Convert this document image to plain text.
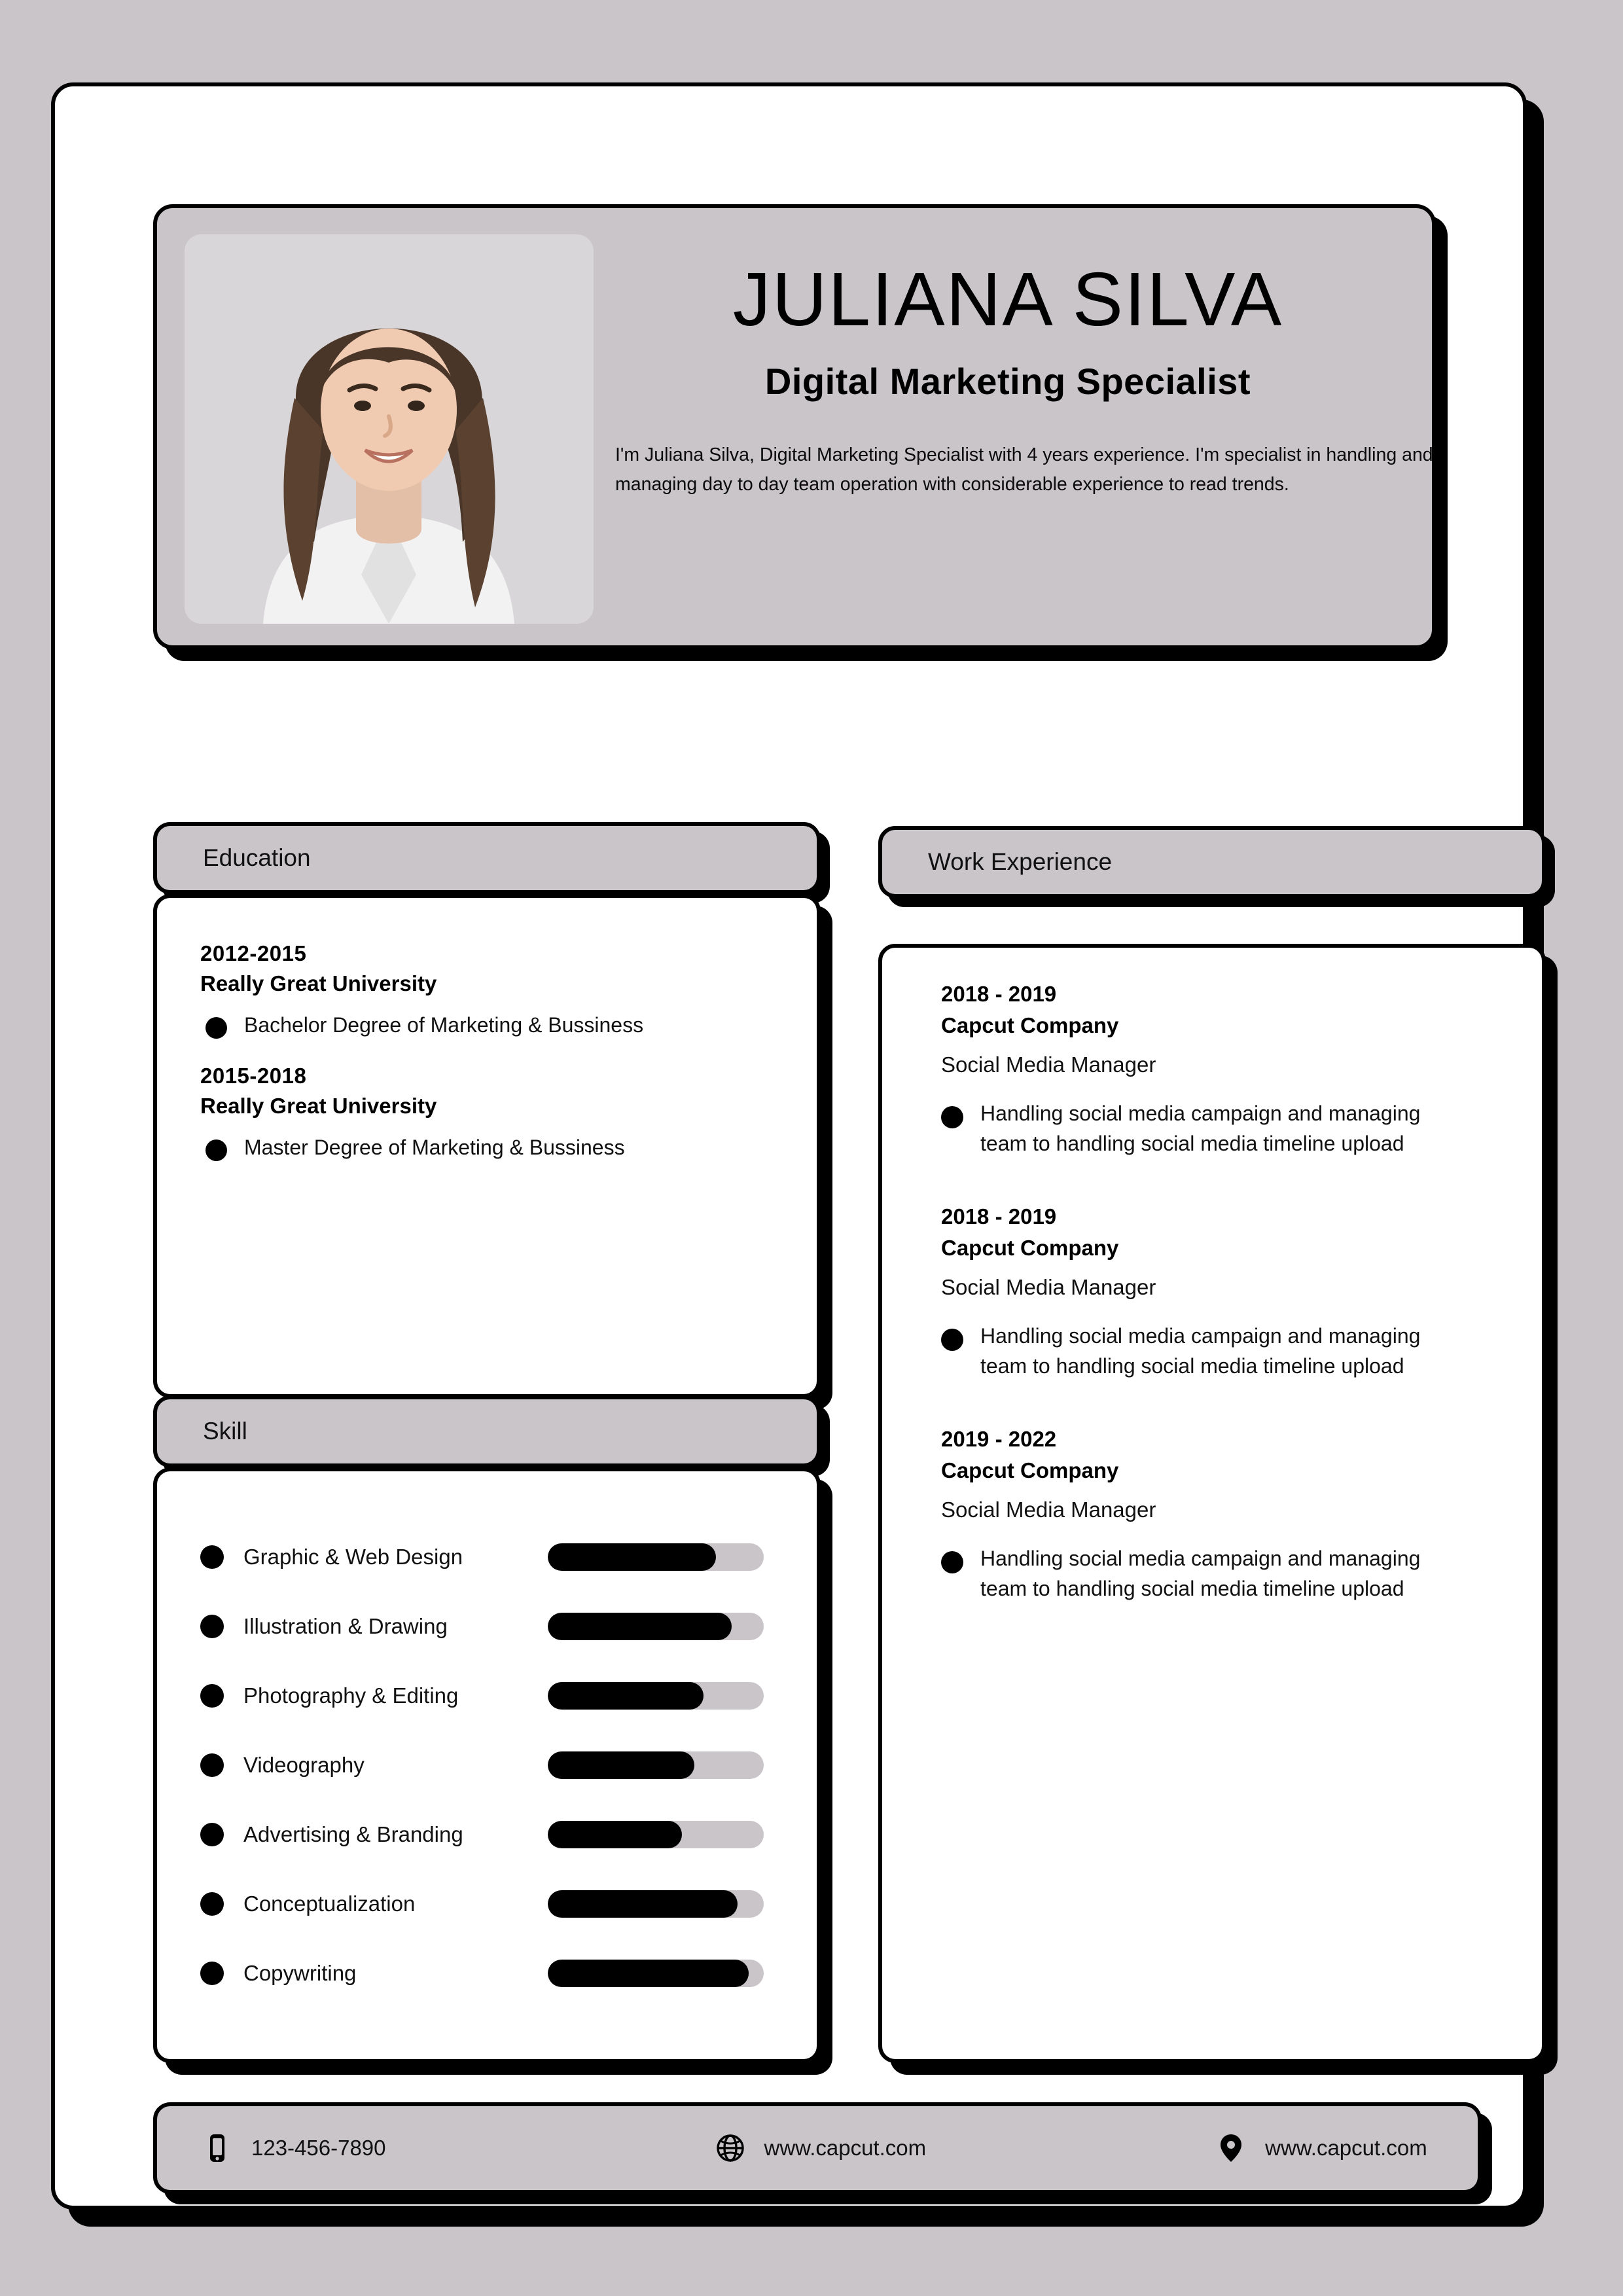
JULIANA SILVA
Digital Marketing Specialist
I'm Juliana Silva, Digital Marketing Specialist with 4 years experience. I'm specialist in handling and managing day to day team operation with considerable experience to read trends.
Education
2012-2015
Really Great University
Bachelor Degree of Marketing & Bussiness
2015-2018
Really Great University
Master Degree of Marketing & Bussiness
Skill
Graphic & Web Design
Illustration & Drawing
Photography & Editing
Videography
Advertising & Branding
Conceptualization
Copywriting
Work Experience
2018 - 2019
Capcut Company
Social Media Manager
Handling social media campaign and managing team to handling social media timeline upload
2018 - 2019
Capcut Company
Social Media Manager
Handling social media campaign and managing team to handling social media timeline upload
2019 - 2022
Capcut Company
Social Media Manager
Handling social media campaign and managing team to handling social media timeline upload
123-456-7890	www.capcut.com	www.capcut.com
